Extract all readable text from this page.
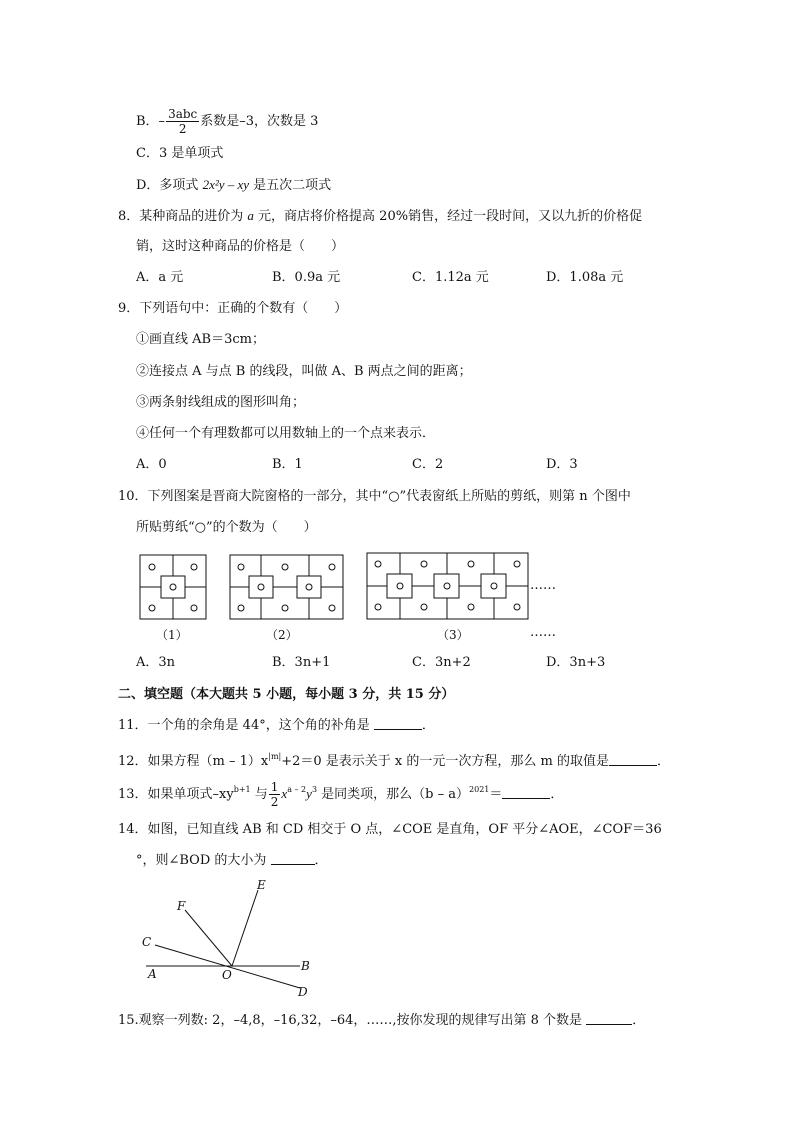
B．– $\frac{\text{3abc}}{2}$ 系数是–3，次数是 3
C．3 是单项式
D．多项式 2x²y – xy 是五次二项式
8．某种商品的进价为 a 元，商店将价格提高 20%销售，经过一段时间，又以九折的价格促
销，这时这种商品的价格是（　　）
A．a 元	B．0.9a 元	C．1.12a 元	D．1.08a 元
9．下列语句中：正确的个数有（　　）
①画直线 AB＝3cm；
②连接点 A 与点 B 的线段，叫做 A、B 两点之间的距离；
③两条射线组成的图形叫角；
④任何一个有理数都可以用数轴上的一个点来表示．
A．0	B．1	C．2	D．3
10．下列图案是晋商大院窗格的一部分，其中“○”代表窗纸上所贴的剪纸，则第 n 个图中
所贴剪纸“○”的个数为（　　）
……
（1）	（2）	（3）	……
A．3n	B．3n+1	C．3n+2	D．3n+3
二、填空题（本大题共 5 小题，每小题 3 分，共 15 分）
11．一个角的余角是 44°，这个角的补角是	．
12．如果方程$(m - 1)x^{|m|}+2=0$ 是表示关于 x 的一元一次方程，那么 m 的取值是	．
13．如果单项式$-xy^{b+1}$ 与 $\frac{1}{2} x^{a - 2}y^3$ 是同类项，那么（b – a）$^{2021}$＝	．
14．如图，已知直线 AB 和 CD 相交于 O 点，∠COE 是直角，OF 平分∠AOE，∠COF＝36
°，则∠BOD 的大小为	．
A
B
C
D
E
F
O
15.观察一列数: 2，–4,8，–16,32，–64，……,按你发现的规律写出第 8 个数是	．
